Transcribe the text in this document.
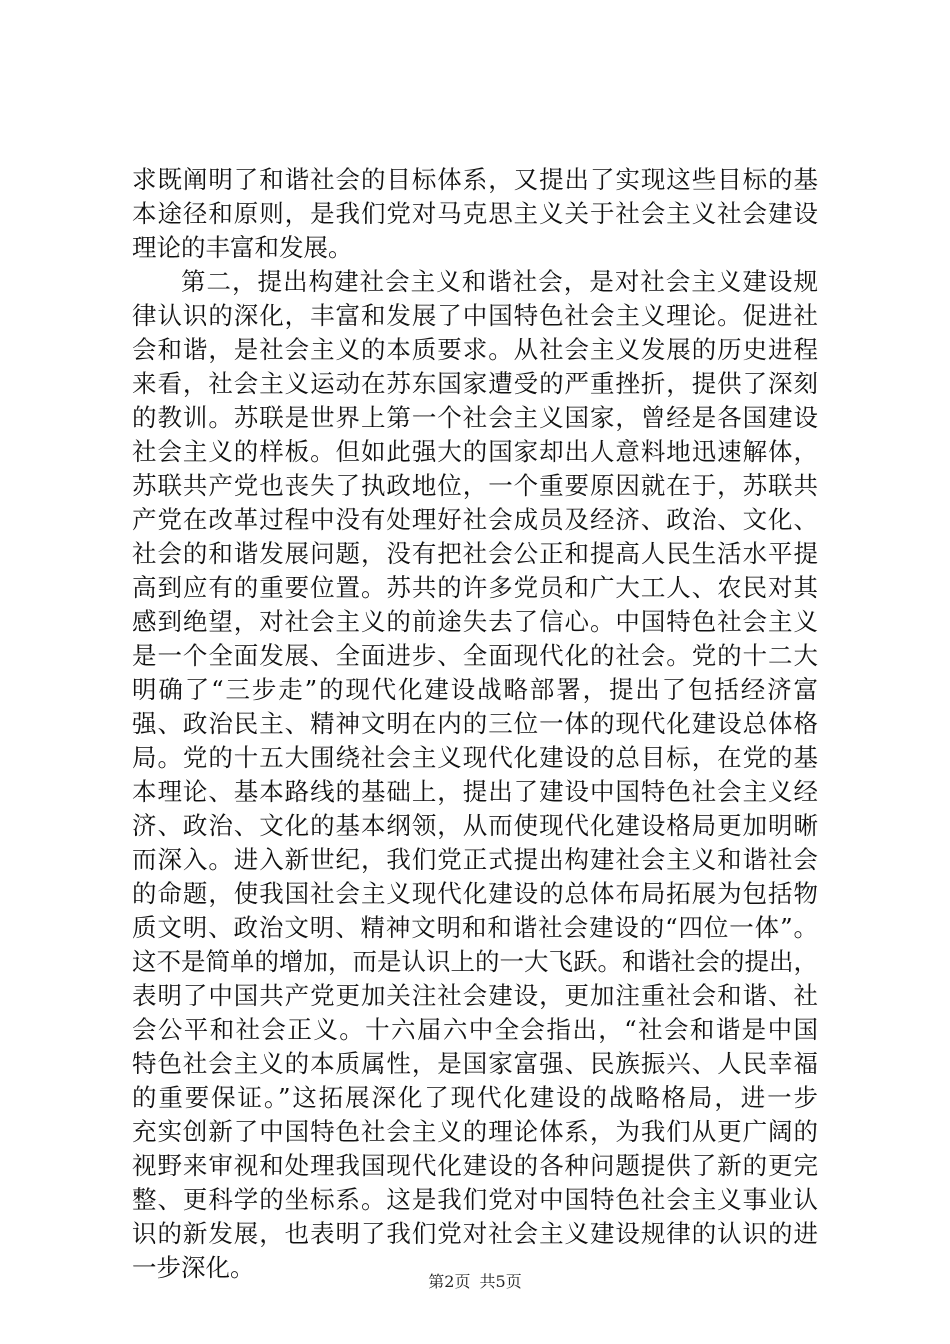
求既阐明了和谐社会的目标体系，又提出了实现这些目标的基
本途径和原则，是我们党对马克思主义关于社会主义社会建设
理论的丰富和发展。
第二，提出构建社会主义和谐社会，是对社会主义建设规
律认识的深化，丰富和发展了中国特色社会主义理论。促进社
会和谐，是社会主义的本质要求。从社会主义发展的历史进程
来看，社会主义运动在苏东国家遭受的严重挫折，提供了深刻
的教训。苏联是世界上第一个社会主义国家，曾经是各国建设
社会主义的样板。但如此强大的国家却出人意料地迅速解体，
苏联共产党也丧失了执政地位，一个重要原因就在于，苏联共
产党在改革过程中没有处理好社会成员及经济、政治、文化、
社会的和谐发展问题，没有把社会公正和提高人民生活水平提
高到应有的重要位置。苏共的许多党员和广大工人、农民对其
感到绝望，对社会主义的前途失去了信心。中国特色社会主义
是一个全面发展、全面进步、全面现代化的社会。党的十二大
明确了“三步走”的现代化建设战略部署，提出了包括经济富
强、政治民主、精神文明在内的三位一体的现代化建设总体格
局。党的十五大围绕社会主义现代化建设的总目标，在党的基
本理论、基本路线的基础上，提出了建设中国特色社会主义经
济、政治、文化的基本纲领，从而使现代化建设格局更加明晰
而深入。进入新世纪，我们党正式提出构建社会主义和谐社会
的命题，使我国社会主义现代化建设的总体布局拓展为包括物
质文明、政治文明、精神文明和和谐社会建设的“四位一体”。
这不是简单的增加，而是认识上的一大飞跃。和谐社会的提出，
表明了中国共产党更加关注社会建设，更加注重社会和谐、社
会公平和社会正义。十六届六中全会指出，“社会和谐是中国
特色社会主义的本质属性，是国家富强、民族振兴、人民幸福
的重要保证。”这拓展深化了现代化建设的战略格局，进一步
充实创新了中国特色社会主义的理论体系，为我们从更广阔的
视野来审视和处理我国现代化建设的各种问题提供了新的更完
整、更科学的坐标系。这是我们党对中国特色社会主义事业认
识的新发展，也表明了我们党对社会主义建设规律的认识的进
一步深化。	第2页 共5页
